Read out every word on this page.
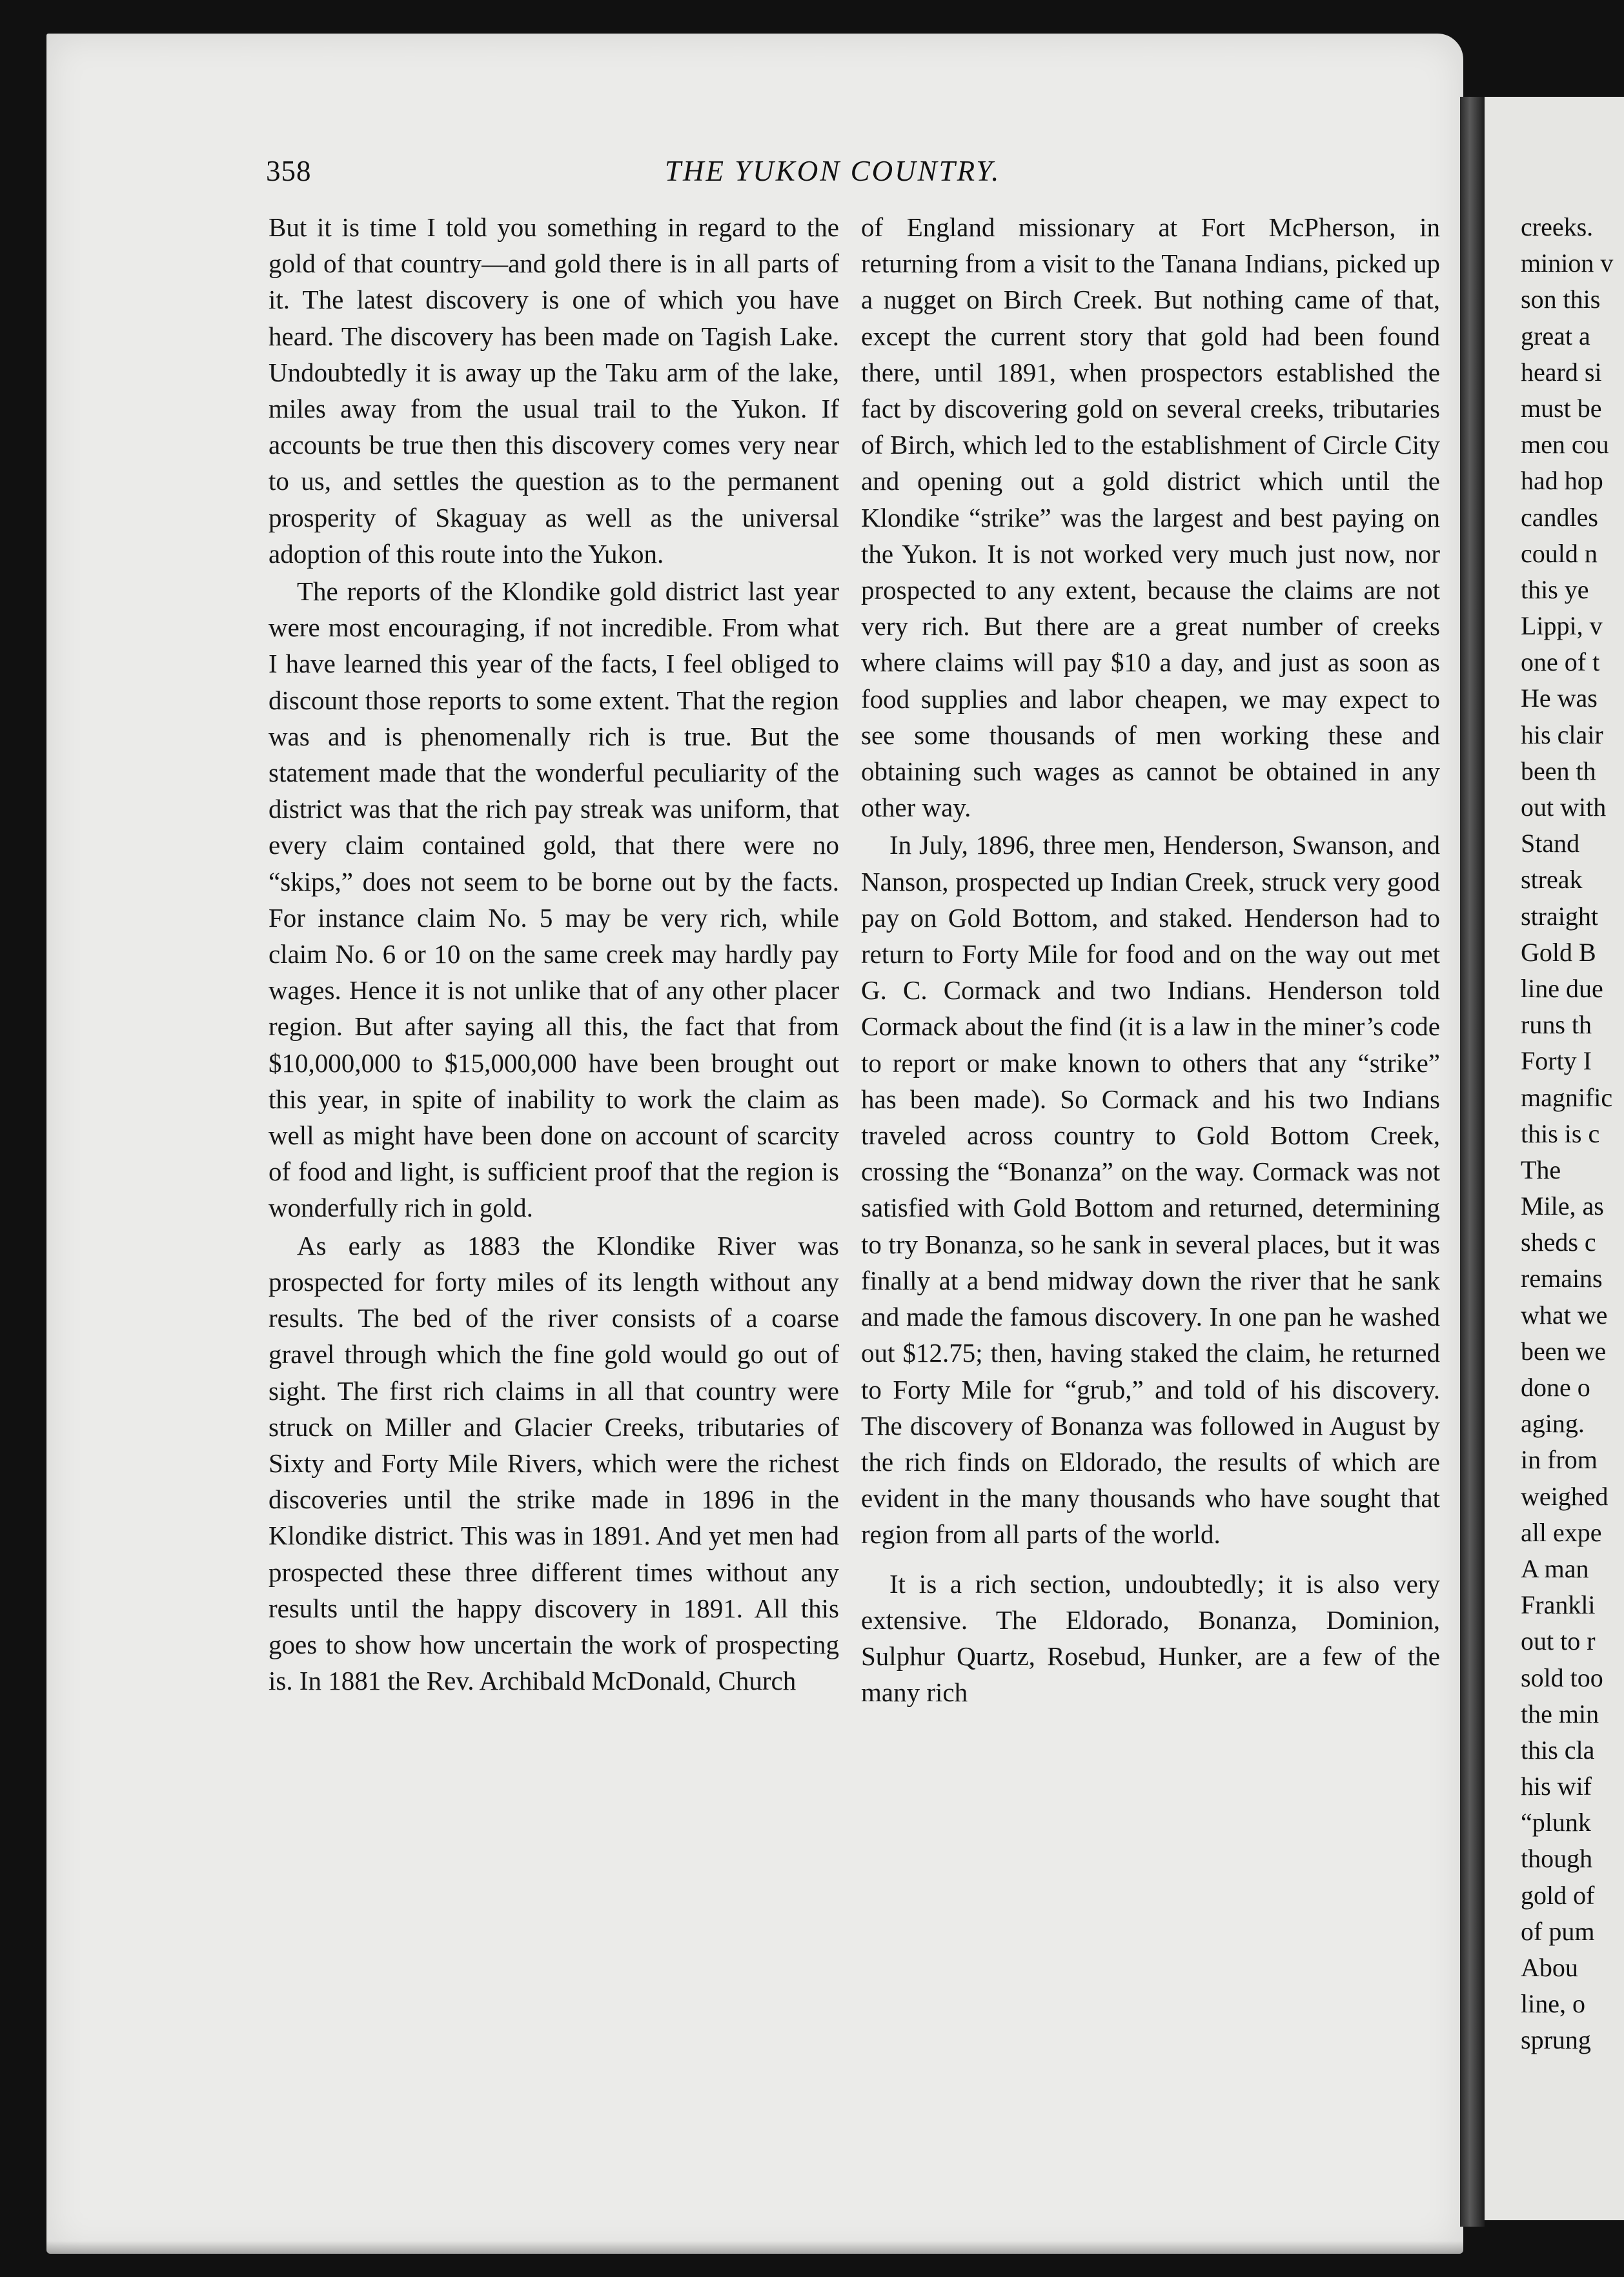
creeks.
minion v
son this
great a
heard si
must be
men cou
had hop
candles
could n
this ye
Lippi, v
one of t
He was
his clair
been th
out with
Stand
streak
straight
Gold B
line due
runs th
Forty I
magnific
this is c
The
Mile, as
sheds c
remains
what we
been we
done o
aging.
in from
weighed
all expe
A man
Frankli
out to r
sold too
the min
this cla
his wif
“plunk
though
gold of
of pum
Abou
line, o
sprung
358	THE YUKON COUNTRY.

But it is time I told you something in regard to the gold of that country—and gold there is in all parts of it. The latest discovery is one of which you have heard. The discovery has been made on Tagish Lake. Undoubtedly it is away up the Taku arm of the lake, miles away from the usual trail to the Yukon. If accounts be true then this discovery comes very near to us, and settles the question as to the permanent prosperity of Skaguay as well as the universal adoption of this route into the Yukon.

The reports of the Klondike gold district last year were most encouraging, if not incredible. From what I have learned this year of the facts, I feel obliged to discount those reports to some extent. That the region was and is phenomenally rich is true. But the statement made that the wonderful peculiarity of the district was that the rich pay streak was uniform, that every claim contained gold, that there were no “skips,” does not seem to be borne out by the facts. For instance claim No. 5 may be very rich, while claim No. 6 or 10 on the same creek may hardly pay wages. Hence it is not unlike that of any other placer region. But after saying all this, the fact that from $10,000,000 to $15,000,000 have been brought out this year, in spite of inability to work the claim as well as might have been done on account of scarcity of food and light, is sufficient proof that the region is wonderfully rich in gold.

As early as 1883 the Klondike River was prospected for forty miles of its length without any results. The bed of the river consists of a coarse gravel through which the fine gold would go out of sight. The first rich claims in all that country were struck on Miller and Glacier Creeks, tributaries of Sixty and Forty Mile Rivers, which were the richest discoveries until the strike made in 1896 in the Klondike district. This was in 1891. And yet men had prospected these three different times without any results until the happy discovery in 1891. All this goes to show how uncertain the work of prospecting is. In 1881 the Rev. Archibald McDonald, Church

of England missionary at Fort McPherson, in returning from a visit to the Tanana Indians, picked up a nugget on Birch Creek. But nothing came of that, except the current story that gold had been found there, until 1891, when prospectors established the fact by discovering gold on several creeks, tributaries of Birch, which led to the establishment of Circle City and opening out a gold district which until the Klondike “strike” was the largest and best paying on the Yukon. It is not worked very much just now, nor prospected to any extent, because the claims are not very rich. But there are a great number of creeks where claims will pay $10 a day, and just as soon as food supplies and labor cheapen, we may expect to see some thousands of men working these and obtaining such wages as cannot be obtained in any other way.

In July, 1896, three men, Henderson, Swanson, and Nanson, prospected up Indian Creek, struck very good pay on Gold Bottom, and staked. Henderson had to return to Forty Mile for food and on the way out met G. C. Cormack and two Indians. Henderson told Cormack about the find (it is a law in the miner’s code to report or make known to others that any “strike” has been made). So Cormack and his two Indians traveled across country to Gold Bottom Creek, crossing the “Bonanza” on the way. Cormack was not satisfied with Gold Bottom and returned, determining to try Bonanza, so he sank in several places, but it was finally at a bend midway down the river that he sank and made the famous discovery. In one pan he washed out $12.75; then, having staked the claim, he returned to Forty Mile for “grub,” and told of his discovery. The discovery of Bonanza was followed in August by the rich finds on Eldorado, the results of which are evident in the many thousands who have sought that region from all parts of the world.

It is a rich section, undoubtedly; it is also very extensive. The Eldorado, Bonanza, Dominion, Sulphur Quartz, Rosebud, Hunker, are a few of the many rich
